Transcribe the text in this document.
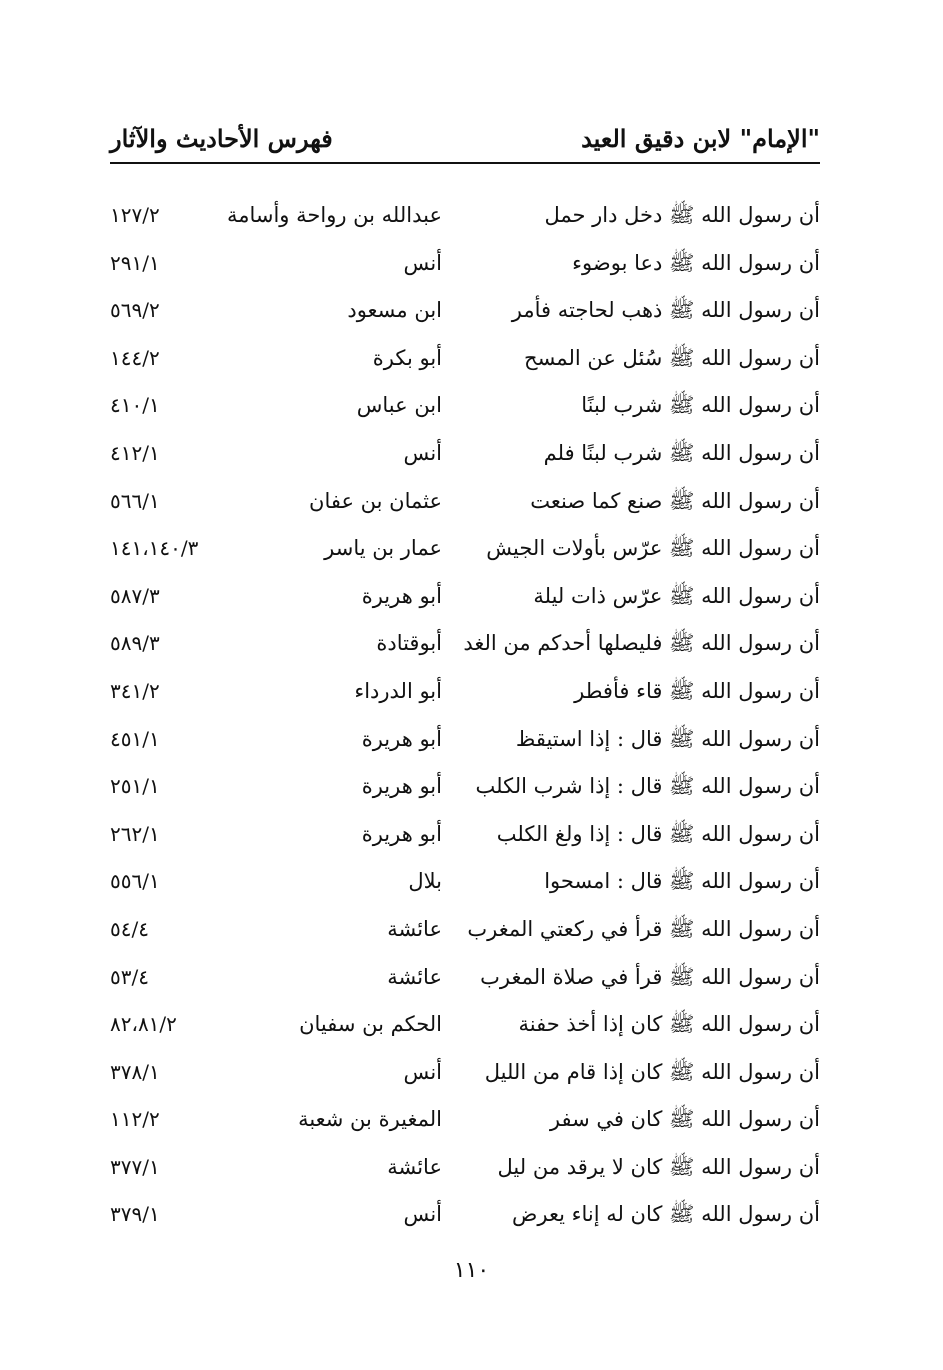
"الإمام" لابن دقيق العيد
فهرس الأحاديث والآثار
أن رسول الله ﷺ دخل دار حمل
عبدالله بن رواحة وأسامة
١٢٧/٢
أن رسول الله ﷺ دعا بوضوء
أنس
٢٩١/١
أن رسول الله ﷺ ذهب لحاجته فأمر
ابن مسعود
٥٦٩/٢
أن رسول الله ﷺ سُئل عن المسح
أبو بكرة
١٤٤/٢
أن رسول الله ﷺ شرب لبنًا
ابن عباس
٤١٠/١
أن رسول الله ﷺ شرب لبنًا فلم
أنس
٤١٢/١
أن رسول الله ﷺ صنع كما صنعت
عثمان بن عفان
٥٦٦/١
أن رسول الله ﷺ عرّس بأولات الجيش
عمار بن ياسر
١٤١،١٤٠/٣
أن رسول الله ﷺ عرّس ذات ليلة
أبو هريرة
٥٨٧/٣
أن رسول الله ﷺ فليصلها أحدكم من الغد
أبوقتادة
٥٨٩/٣
أن رسول الله ﷺ قاء فأفطر
أبو الدرداء
٣٤١/٢
أن رسول الله ﷺ قال : إذا استيقظ
أبو هريرة
٤٥١/١
أن رسول الله ﷺ قال : إذا شرب الكلب
أبو هريرة
٢٥١/١
أن رسول الله ﷺ قال : إذا ولغ الكلب
أبو هريرة
٢٦٢/١
أن رسول الله ﷺ قال : امسحوا
بلال
٥٥٦/١
أن رسول الله ﷺ قرأ في ركعتي المغرب
عائشة
٥٤/٤
أن رسول الله ﷺ قرأ في صلاة المغرب
عائشة
٥٣/٤
أن رسول الله ﷺ كان إذا أخذ حفنة
الحكم بن سفيان
٨٢،٨١/٢
أن رسول الله ﷺ كان إذا قام من الليل
أنس
٣٧٨/١
أن رسول الله ﷺ كان في سفر
المغيرة بن شعبة
١١٢/٢
أن رسول الله ﷺ كان لا يرقد من ليل
عائشة
٣٧٧/١
أن رسول الله ﷺ كان له إناء يعرض
أنس
٣٧٩/١
١١٠
